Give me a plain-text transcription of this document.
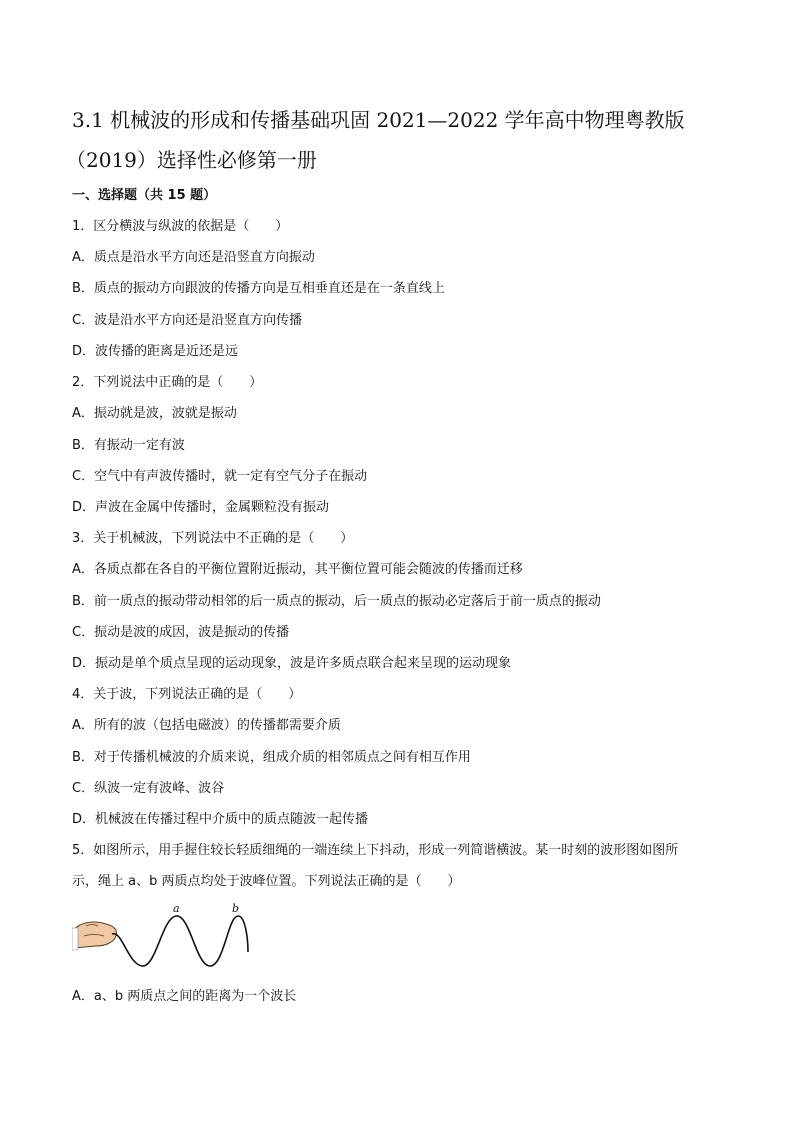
3.1 机械波的形成和传播基础巩固 2021—2022 学年高中物理粤教版
（2019）选择性必修第一册
一、选择题（共 15 题）
1．区分横波与纵波的依据是（　　）
A．质点是沿水平方向还是沿竖直方向振动
B．质点的振动方向跟波的传播方向是互相垂直还是在一条直线上
C．波是沿水平方向还是沿竖直方向传播
D．波传播的距离是近还是远
2．下列说法中正确的是（　　）
A．振动就是波，波就是振动
B．有振动一定有波
C．空气中有声波传播时，就一定有空气分子在振动
D．声波在金属中传播时，金属颗粒没有振动
3．关于机械波，下列说法中不正确的是（　　）
A．各质点都在各自的平衡位置附近振动，其平衡位置可能会随波的传播而迁移
B．前一质点的振动带动相邻的后一质点的振动，后一质点的振动必定落后于前一质点的振动
C．振动是波的成因，波是振动的传播
D．振动是单个质点呈现的运动现象，波是许多质点联合起来呈现的运动现象
4．关于波，下列说法正确的是（　　）
A．所有的波（包括电磁波）的传播都需要介质
B．对于传播机械波的介质来说，组成介质的相邻质点之间有相互作用
C．纵波一定有波峰、波谷
D．机械波在传播过程中介质中的质点随波一起传播
5．如图所示，用手握住较长轻质细绳的一端连续上下抖动，形成一列简谐横波。某一时刻的波形图如图所
示，绳上 a、b 两质点均处于波峰位置。下列说法正确的是（　　）
a	b
A．a、b 两质点之间的距离为一个波长
